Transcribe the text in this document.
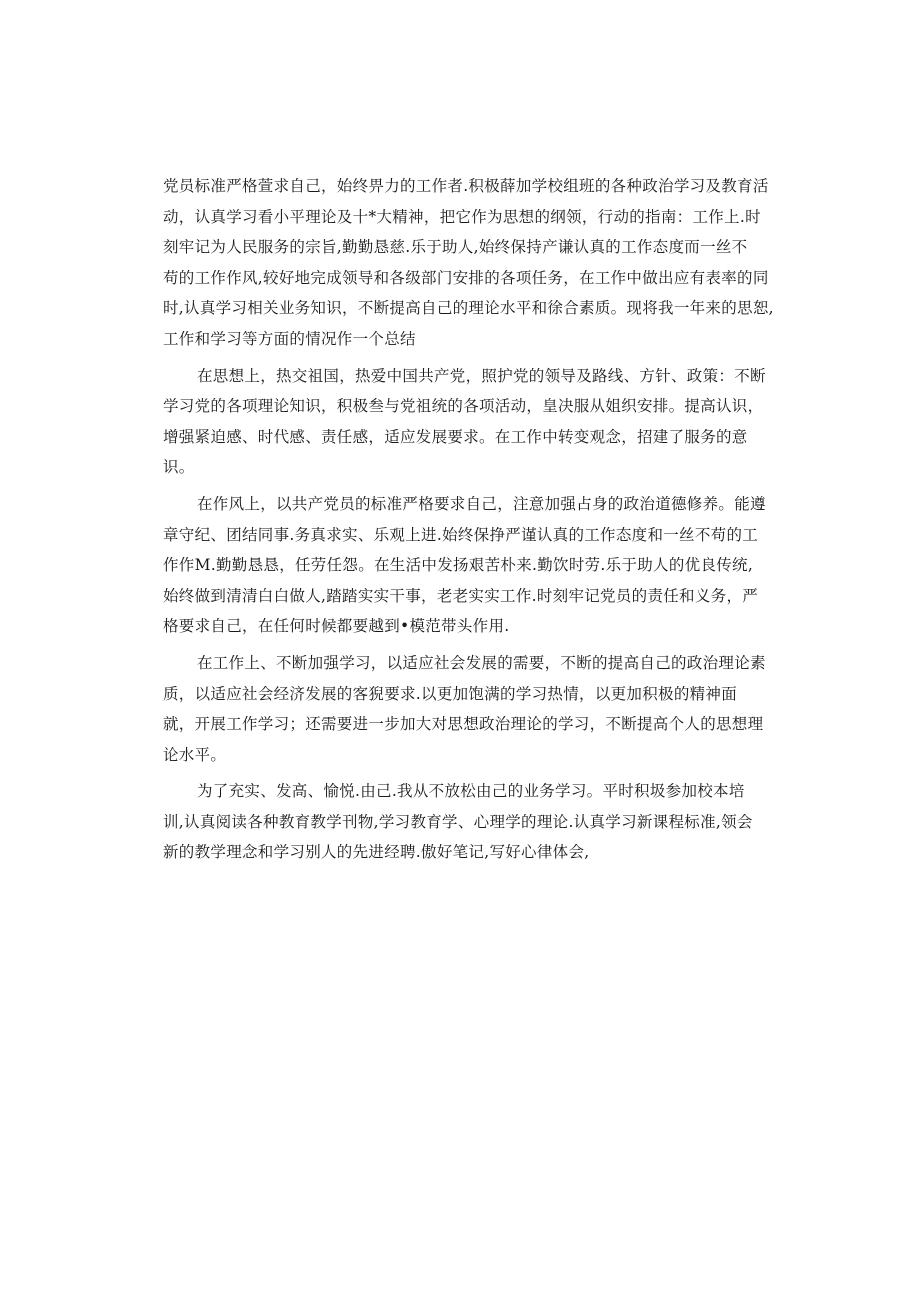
党员标准严格萱求自己，始终畀力的工作者.积极薛加学校组班的各种政治学习及教育活
动，认真学习看小平理论及十*大精神，把它作为思想的纲领，行动的指南：工作上.时
刻牢记为人民服务的宗旨,勤勤恳慈.乐于助人,始终保持产谦认真的工作态度而一丝不
苟的工作作风,较好地完成领导和各级部门安排的各项任务，在工作中做出应有表率的同
时,认真学习相关业务知识，不断提高自己的理论水平和徐合素质。现将我一年来的思恕,
工作和学习等方面的情况作一个总结

在思想上，热交祖国，热爱中国共产党，照护党的领导及路线、方针、政策：不断
学习党的各项理论知识，积极叁与党祖统的各项活动，皇决服从姐织安排。提高认识，
增强紧迫感、时代感、责任感，适应发展要求。在工作中转变观念，招建了服务的意
识。

在作风上，以共产党员的标准严格要求自己，注意加强占身的政治道德修养。能遵
章守纪、团结同事.务真求实、乐观上进.始终保挣严谨认真的工作态度和一丝不苟的工
作作M.勤勤恳恳，任劳任怨。在生活中发扬艰苦朴来.勤饮时劳.乐于助人的优良传统,
始终做到清清白白做人,踏踏实实干事，老老实实工作.时刻牢记党员的责任和义务，严
格要求自己，在任何时候都要越到•模范带头作用.

在工作上、不断加强学习，以适应社会发展的需要，不断的提高自己的政治理论素
质，以适应社会经济发展的客猊要求.以更加饱满的学习热情，以更加积极的精神面
就，开展工作学习；还需要进一步加大对思想政治理论的学习，不断提高个人的思想理
论水平。

为了充实、发高、愉悦.由己.我从不放松由己的业务学习。平时积圾参加校本培
训,认真阅读各种教育教学刊物,学习教育学、心理学的理论.认真学习新课程标准,领会
新的教学理念和学习别人的先进经聘.傲好笔记,写好心律体会,
